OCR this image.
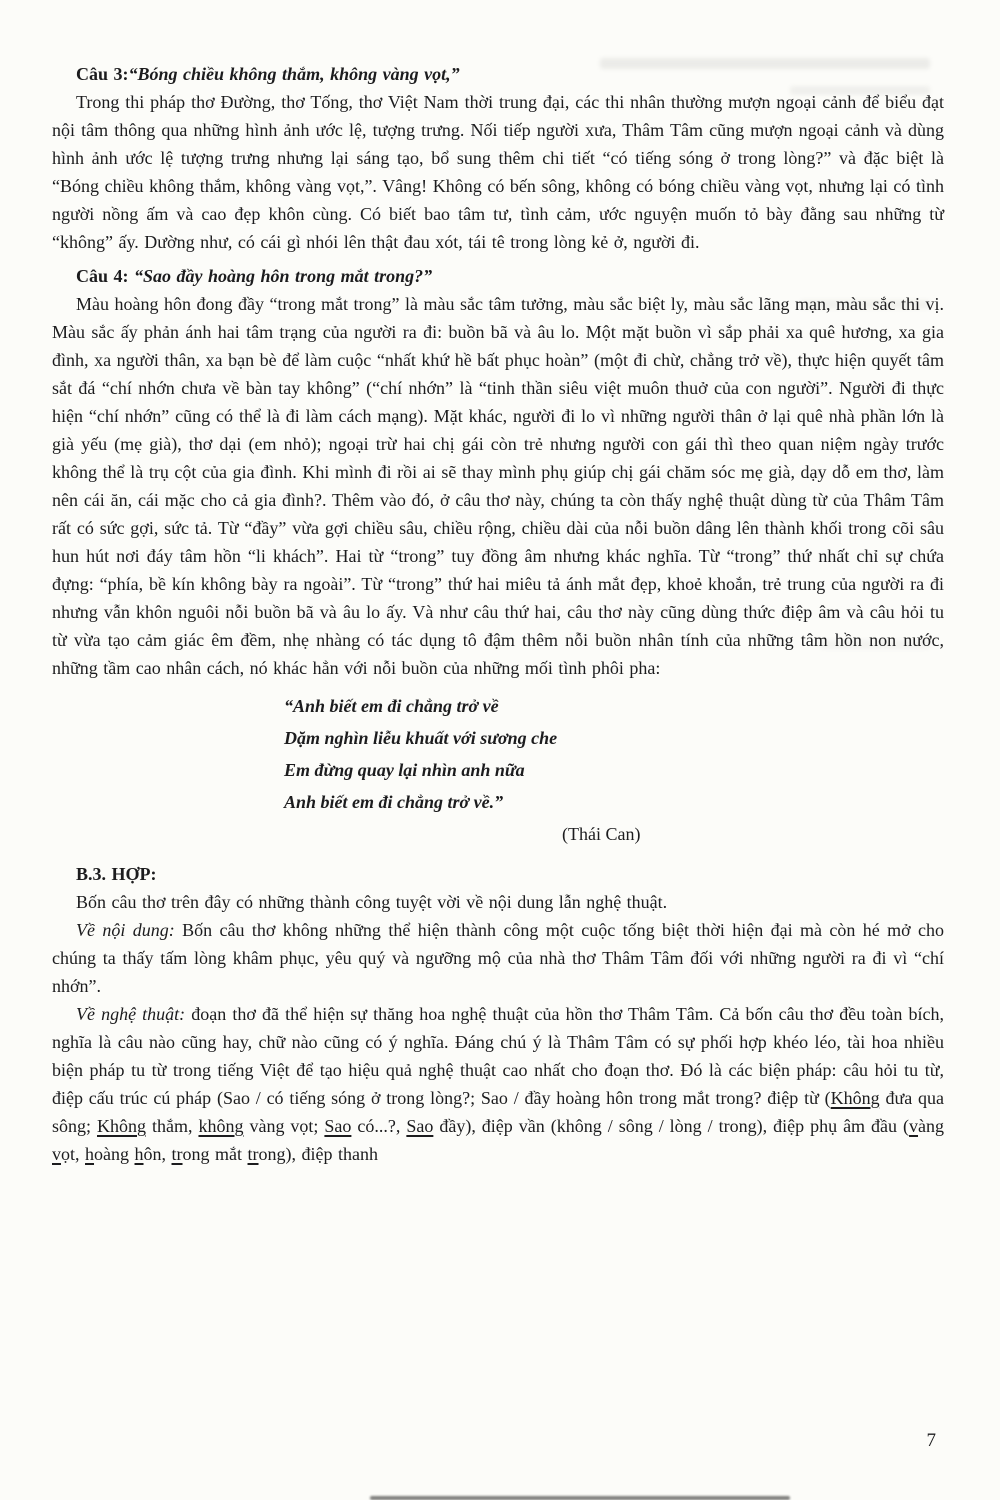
Câu 3:“Bóng chiều không thắm, không vàng vọt,”

Trong thi pháp thơ Đường, thơ Tống, thơ Việt Nam thời trung đại, các thi nhân thường mượn ngoại cảnh để biểu đạt nội tâm thông qua những hình ảnh ước lệ, tượng trưng. Nối tiếp người xưa, Thâm Tâm cũng mượn ngoại cảnh và dùng hình ảnh ước lệ tượng trưng nhưng lại sáng tạo, bổ sung thêm chi tiết “có tiếng sóng ở trong lòng?” và đặc biệt là “Bóng chiều không thắm, không vàng vọt,”. Vâng! Không có bến sông, không có bóng chiều vàng vọt, nhưng lại có tình người nồng ấm và cao đẹp khôn cùng. Có biết bao tâm tư, tình cảm, ước nguyện muốn tỏ bày đằng sau những từ “không” ấy. Dường như, có cái gì nhói lên thật đau xót, tái tê trong lòng kẻ ở, người đi.

Câu 4: “Sao đầy hoàng hôn trong mắt trong?”

Màu hoàng hôn đong đầy “trong mắt trong” là màu sắc tâm tưởng, màu sắc biệt ly, màu sắc lãng mạn, màu sắc thi vị. Màu sắc ấy phản ánh hai tâm trạng của người ra đi: buồn bã và âu lo. Một mặt buồn vì sắp phải xa quê hương, xa gia đình, xa người thân, xa bạn bè để làm cuộc “nhất khứ hề bất phục hoàn” (một đi chừ, chẳng trở về), thực hiện quyết tâm sắt đá “chí nhớn chưa về bàn tay không” (“chí nhớn” là “tinh thần siêu việt muôn thuở của con người”. Người đi thực hiện “chí nhớn” cũng có thể là đi làm cách mạng). Mặt khác, người đi lo vì những người thân ở lại quê nhà phần lớn là già yếu (mẹ già), thơ dại (em nhỏ); ngoại trừ hai chị gái còn trẻ nhưng người con gái thì theo quan niệm ngày trước không thể là trụ cột của gia đình. Khi mình đi rồi ai sẽ thay mình phụ giúp chị gái chăm sóc mẹ già, dạy dỗ em thơ, làm nên cái ăn, cái mặc cho cả gia đình?. Thêm vào đó, ở câu thơ này, chúng ta còn thấy nghệ thuật dùng từ của Thâm Tâm rất có sức gợi, sức tả. Từ “đầy” vừa gợi chiều sâu, chiều rộng, chiều dài của nỗi buồn dâng lên thành khối trong cõi sâu hun hút nơi đáy tâm hồn “li khách”. Hai từ “trong” tuy đồng âm nhưng khác nghĩa. Từ “trong” thứ nhất chỉ sự chứa đựng: “phía, bề kín không bày ra ngoài”. Từ “trong” thứ hai miêu tả ánh mắt đẹp, khoẻ khoắn, trẻ trung của người ra đi nhưng vẫn khôn nguôi nỗi buồn bã và âu lo ấy. Và như câu thứ hai, câu thơ này cũng dùng thức điệp âm và câu hỏi tu từ vừa tạo cảm giác êm đềm, nhẹ nhàng có tác dụng tô đậm thêm nỗi buồn nhân tính của những tâm hồn non nước, những tầm cao nhân cách, nó khác hẳn với nỗi buồn của những mối tình phôi pha:

“Anh biết em đi chẳng trở về
Dặm nghìn liễu khuất với sương che
Em đừng quay lại nhìn anh nữa
Anh biết em đi chẳng trở về.”
(Thái Can)

B.3. HỢP:

Bốn câu thơ trên đây có những thành công tuyệt vời về nội dung lẫn nghệ thuật.

Về nội dung: Bốn câu thơ không những thể hiện thành công một cuộc tống biệt thời hiện đại mà còn hé mở cho chúng ta thấy tấm lòng khâm phục, yêu quý và ngưỡng mộ của nhà thơ Thâm Tâm đối với những người ra đi vì “chí nhớn”.

Về nghệ thuật: đoạn thơ đã thể hiện sự thăng hoa nghệ thuật của hồn thơ Thâm Tâm. Cả bốn câu thơ đều toàn bích, nghĩa là câu nào cũng hay, chữ nào cũng có ý nghĩa. Đáng chú ý là Thâm Tâm có sự phối hợp khéo léo, tài hoa nhiều biện pháp tu từ trong tiếng Việt để tạo hiệu quả nghệ thuật cao nhất cho đoạn thơ. Đó là các biện pháp: câu hỏi tu từ, điệp cấu trúc cú pháp (Sao / có tiếng sóng ở trong lòng?; Sao / đầy hoàng hôn trong mắt trong? điệp từ (Không đưa qua sông; Không thắm, không vàng vọt; Sao có...?, Sao đầy), điệp vần (không / sông / lòng / trong), điệp phụ âm đầu (vàng vọt, hoàng hôn, trong mắt trong), điệp thanh

7
